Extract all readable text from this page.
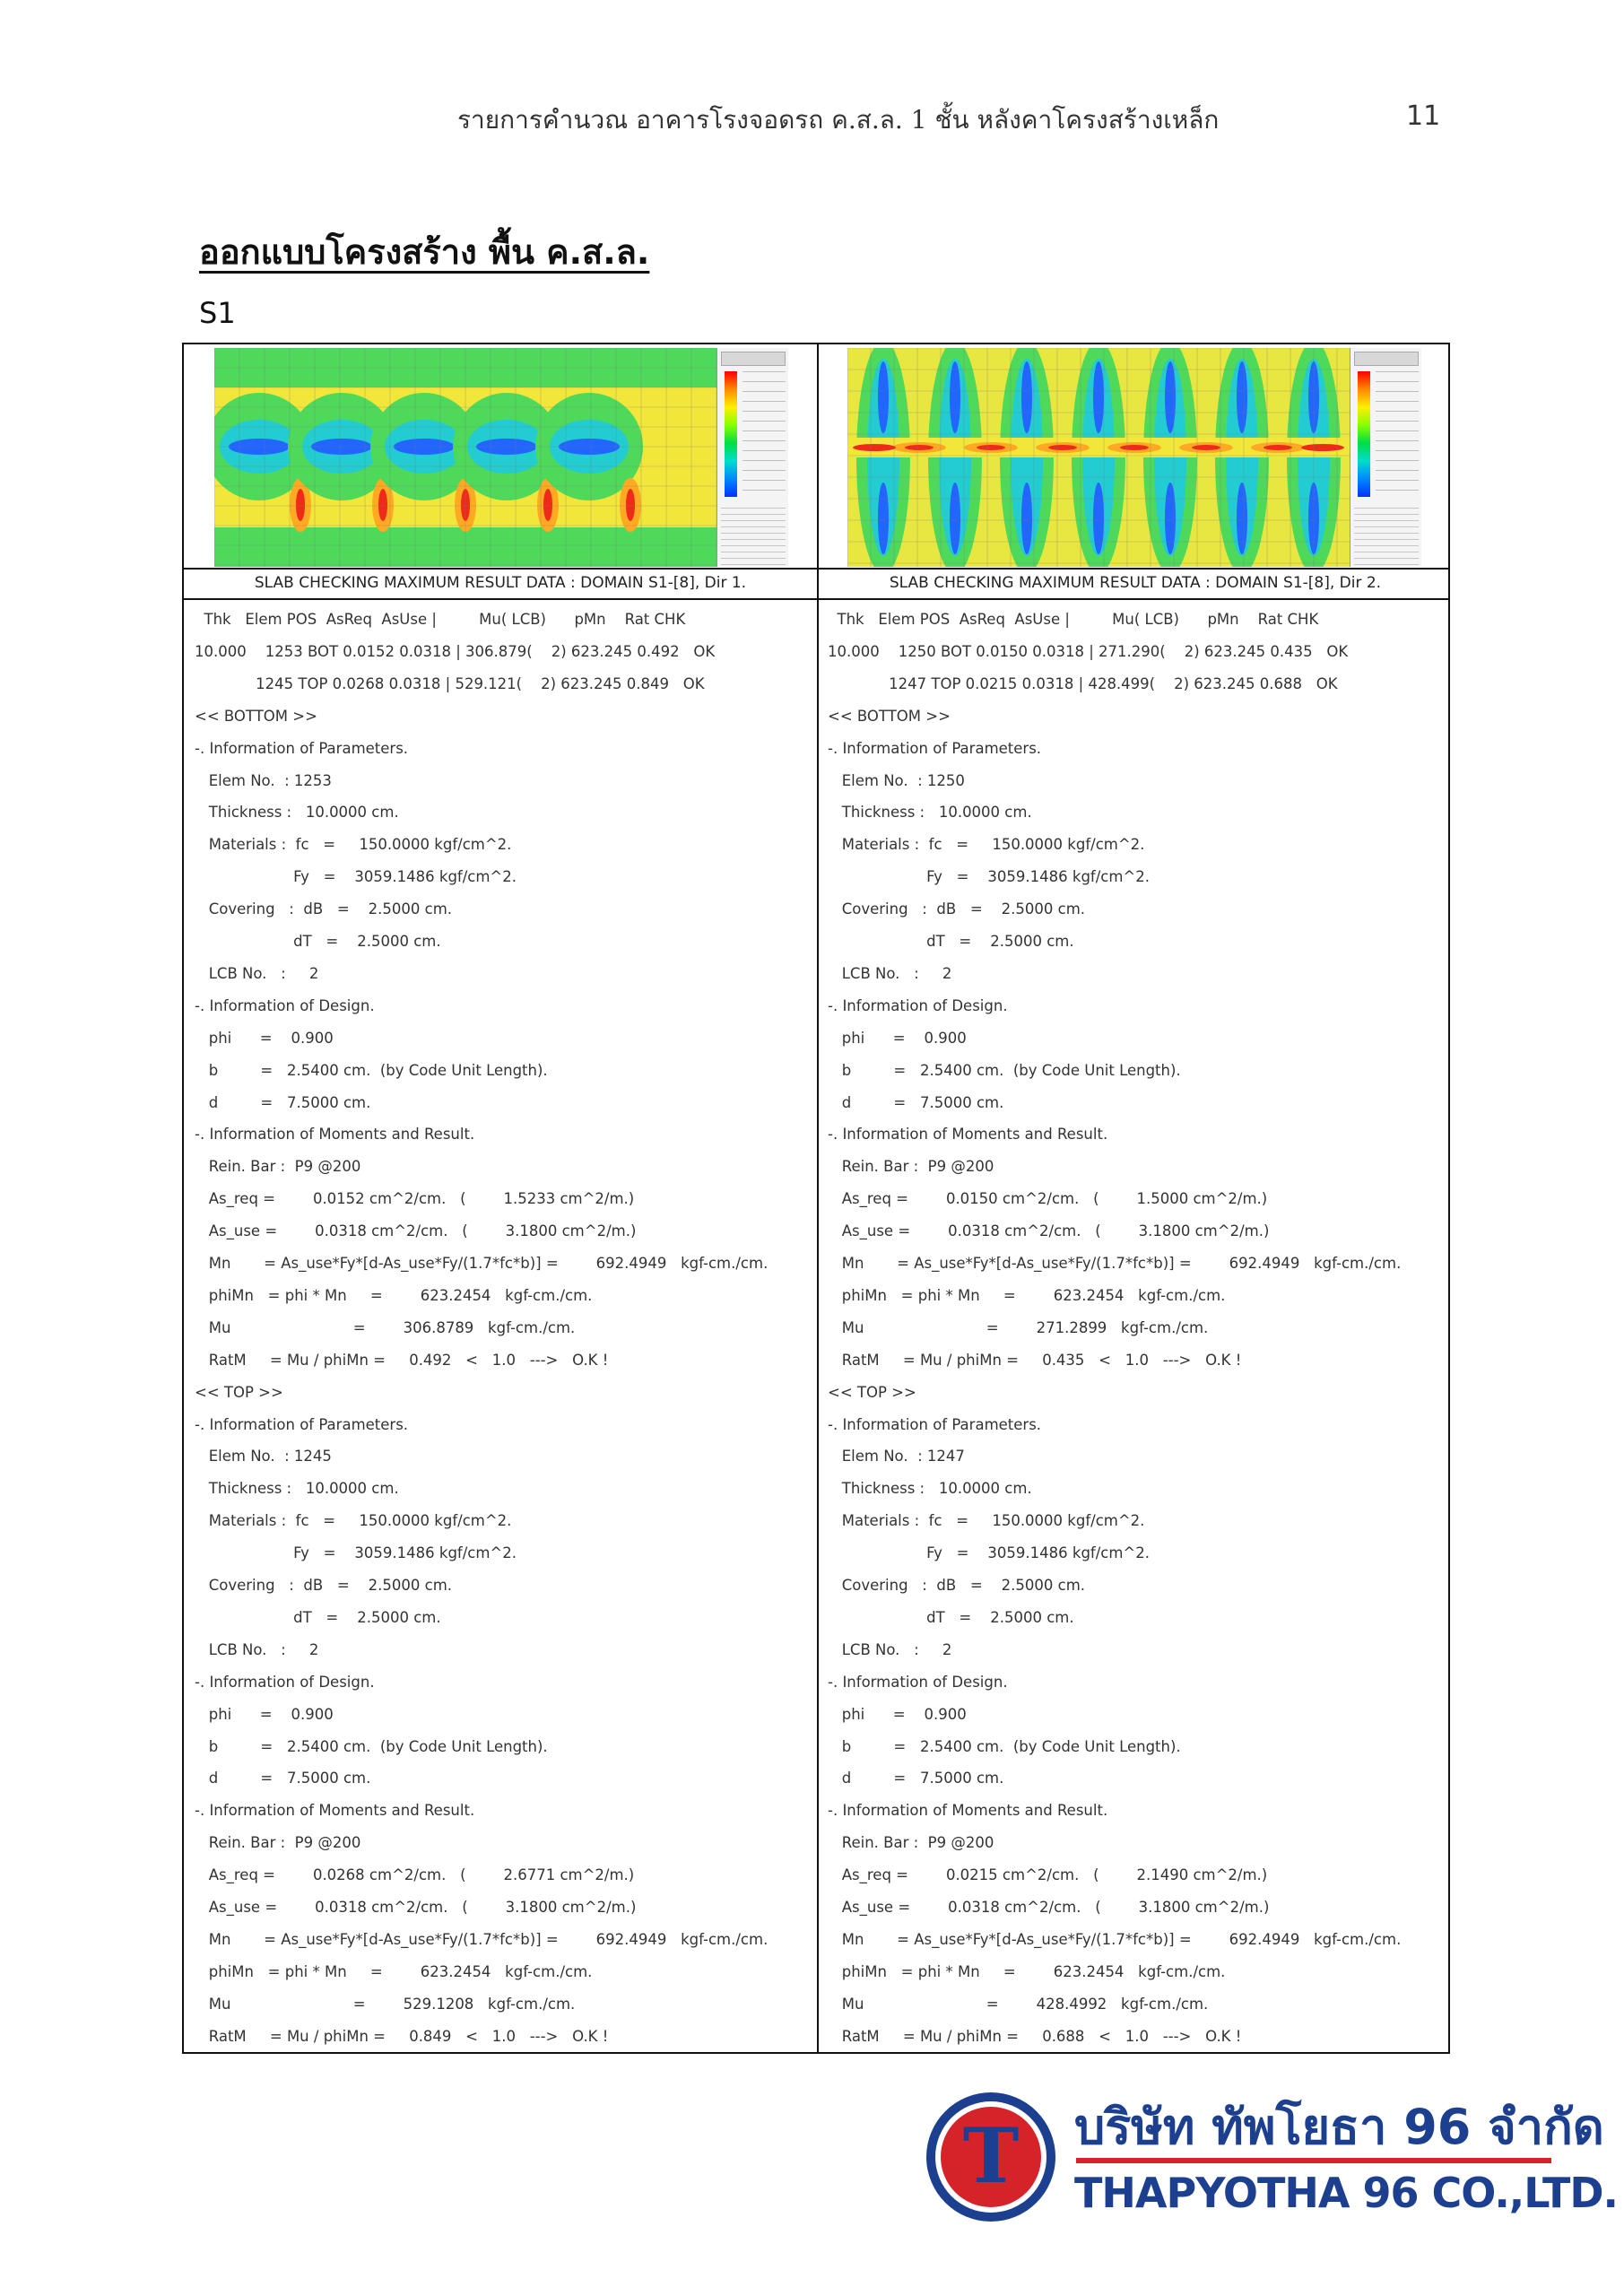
รายการคำนวณ อาคารโรงจอดรถ ค.ส.ล. 1 ชั้น หลังคาโครงสร้างเหล็ก	11
ออกแบบโครงสร้าง พื้น ค.ส.ล.
S1
SLAB CHECKING MAXIMUM RESULT DATA : DOMAIN S1-[8], Dir 1.	SLAB CHECKING MAXIMUM RESULT DATA : DOMAIN S1-[8], Dir 2.
Thk   Elem POS  AsReq  AsUse |         Mu( LCB)      pMn    Rat CHK
10.000    1253 BOT 0.0152 0.0318 | 306.879(    2) 623.245 0.492   OK
1245 TOP 0.0268 0.0318 | 529.121(    2) 623.245 0.849   OK
<< BOTTOM >>
-. Information of Parameters.
Elem No.  : 1253
Thickness :   10.0000 cm.
Materials :  fc   =     150.0000 kgf/cm^2.
Fy   =    3059.1486 kgf/cm^2.
Covering   :  dB   =    2.5000 cm.
dT   =    2.5000 cm.
LCB No.   :     2
-. Information of Design.
phi      =    0.900
b         =   2.5400 cm.  (by Code Unit Length).
d         =   7.5000 cm.
-. Information of Moments and Result.
Rein. Bar :  P9 @200
As_req =        0.0152 cm^2/cm.   (        1.5233 cm^2/m.)
As_use =        0.0318 cm^2/cm.   (        3.1800 cm^2/m.)
Mn       = As_use*Fy*[d-As_use*Fy/(1.7*fc*b)] =        692.4949   kgf-cm./cm.
phiMn   = phi * Mn     =        623.2454   kgf-cm./cm.
Mu                          =        306.8789   kgf-cm./cm.
RatM     = Mu / phiMn =     0.492   <   1.0   --->   O.K !
<< TOP >>
-. Information of Parameters.
Elem No.  : 1245
Thickness :   10.0000 cm.
Materials :  fc   =     150.0000 kgf/cm^2.
Fy   =    3059.1486 kgf/cm^2.
Covering   :  dB   =    2.5000 cm.
dT   =    2.5000 cm.
LCB No.   :     2
-. Information of Design.
phi      =    0.900
b         =   2.5400 cm.  (by Code Unit Length).
d         =   7.5000 cm.
-. Information of Moments and Result.
Rein. Bar :  P9 @200
As_req =        0.0268 cm^2/cm.   (        2.6771 cm^2/m.)
As_use =        0.0318 cm^2/cm.   (        3.1800 cm^2/m.)
Mn       = As_use*Fy*[d-As_use*Fy/(1.7*fc*b)] =        692.4949   kgf-cm./cm.
phiMn   = phi * Mn     =        623.2454   kgf-cm./cm.
Mu                          =        529.1208   kgf-cm./cm.
RatM     = Mu / phiMn =     0.849   <   1.0   --->   O.K !
Thk   Elem POS  AsReq  AsUse |         Mu( LCB)      pMn    Rat CHK
10.000    1250 BOT 0.0150 0.0318 | 271.290(    2) 623.245 0.435   OK
1247 TOP 0.0215 0.0318 | 428.499(    2) 623.245 0.688   OK
<< BOTTOM >>
-. Information of Parameters.
Elem No.  : 1250
Thickness :   10.0000 cm.
Materials :  fc   =     150.0000 kgf/cm^2.
Fy   =    3059.1486 kgf/cm^2.
Covering   :  dB   =    2.5000 cm.
dT   =    2.5000 cm.
LCB No.   :     2
-. Information of Design.
phi      =    0.900
b         =   2.5400 cm.  (by Code Unit Length).
d         =   7.5000 cm.
-. Information of Moments and Result.
Rein. Bar :  P9 @200
As_req =        0.0150 cm^2/cm.   (        1.5000 cm^2/m.)
As_use =        0.0318 cm^2/cm.   (        3.1800 cm^2/m.)
Mn       = As_use*Fy*[d-As_use*Fy/(1.7*fc*b)] =        692.4949   kgf-cm./cm.
phiMn   = phi * Mn     =        623.2454   kgf-cm./cm.
Mu                          =        271.2899   kgf-cm./cm.
RatM     = Mu / phiMn =     0.435   <   1.0   --->   O.K !
<< TOP >>
-. Information of Parameters.
Elem No.  : 1247
Thickness :   10.0000 cm.
Materials :  fc   =     150.0000 kgf/cm^2.
Fy   =    3059.1486 kgf/cm^2.
Covering   :  dB   =    2.5000 cm.
dT   =    2.5000 cm.
LCB No.   :     2
-. Information of Design.
phi      =    0.900
b         =   2.5400 cm.  (by Code Unit Length).
d         =   7.5000 cm.
-. Information of Moments and Result.
Rein. Bar :  P9 @200
As_req =        0.0215 cm^2/cm.   (        2.1490 cm^2/m.)
As_use =        0.0318 cm^2/cm.   (        3.1800 cm^2/m.)
Mn       = As_use*Fy*[d-As_use*Fy/(1.7*fc*b)] =        692.4949   kgf-cm./cm.
phiMn   = phi * Mn     =        623.2454   kgf-cm./cm.
Mu                          =        428.4992   kgf-cm./cm.
RatM     = Mu / phiMn =     0.688   <   1.0   --->   O.K !
T บริษัท ทัพโยธา 96 จำกัด
THAPYOTHA 96 CO.,LTD.
